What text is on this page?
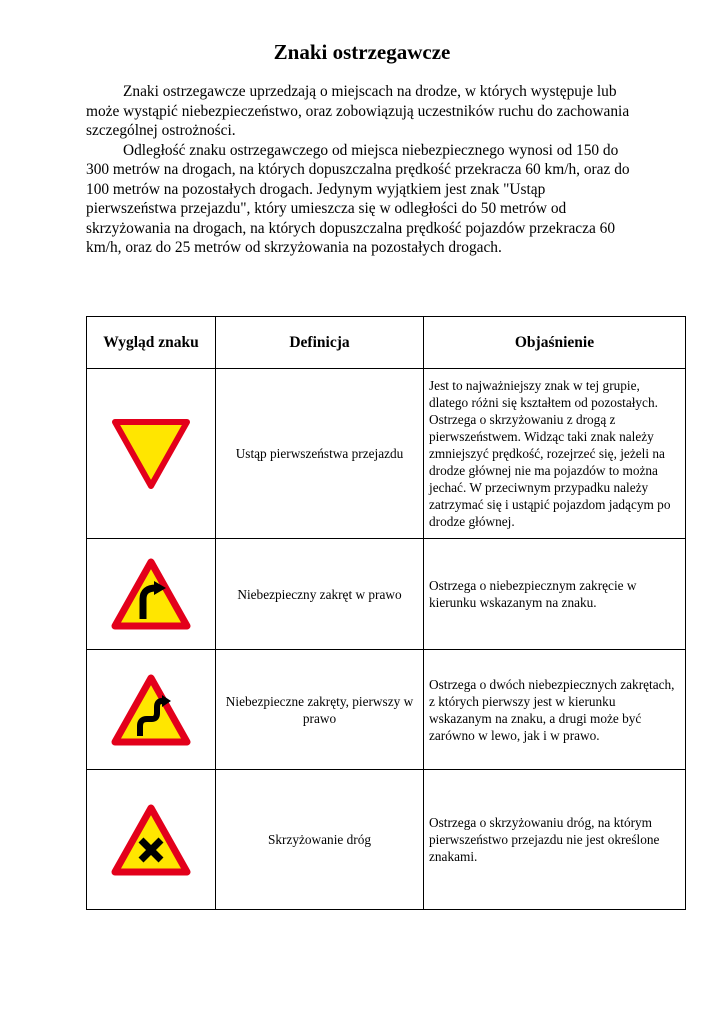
Znaki ostrzegawcze

Znaki ostrzegawcze uprzedzają o miejscach na drodze, w których występuje lub może wystąpić niebezpieczeństwo, oraz zobowiązują uczestników ruchu do zachowania szczególnej ostrożności.

Odległość znaku ostrzegawczego od miejsca niebezpiecznego wynosi od 150 do 300 metrów na drogach, na których dopuszczalna prędkość przekracza 60 km/h, oraz do 100 metrów na pozostałych drogach. Jedynym wyjątkiem jest znak "Ustąp pierwszeństwa przejazdu", który umieszcza się w odległości do 50 metrów od skrzyżowania na drogach, na których dopuszczalna prędkość pojazdów przekracza 60 km/h, oraz do 25 metrów od skrzyżowania na pozostałych drogach.

Wygląd znaku	Definicja	Objaśnienie

	Ustąp pierwszeństwa przejazdu	Jest to najważniejszy znak w tej grupie, dlatego różni się kształtem od pozostałych. Ostrzega o skrzyżowaniu z drogą z pierwszeństwem. Widząc taki znak należy zmniejszyć prędkość, rozejrzeć się, jeżeli na drodze głównej nie ma pojazdów to można jechać. W przeciwnym przypadku należy zatrzymać się i ustąpić pojazdom jadącym po drodze głównej.

	Niebezpieczny zakręt w prawo	Ostrzega o niebezpiecznym zakręcie w kierunku wskazanym na znaku.

	Niebezpieczne zakręty, pierwszy w prawo	Ostrzega o dwóch niebezpiecznych zakrętach, z których pierwszy jest w kierunku wskazanym na znaku, a drugi może być zarówno w lewo, jak i w prawo.

	Skrzyżowanie dróg	Ostrzega o skrzyżowaniu dróg, na którym pierwszeństwo przejazdu nie jest określone znakami.
